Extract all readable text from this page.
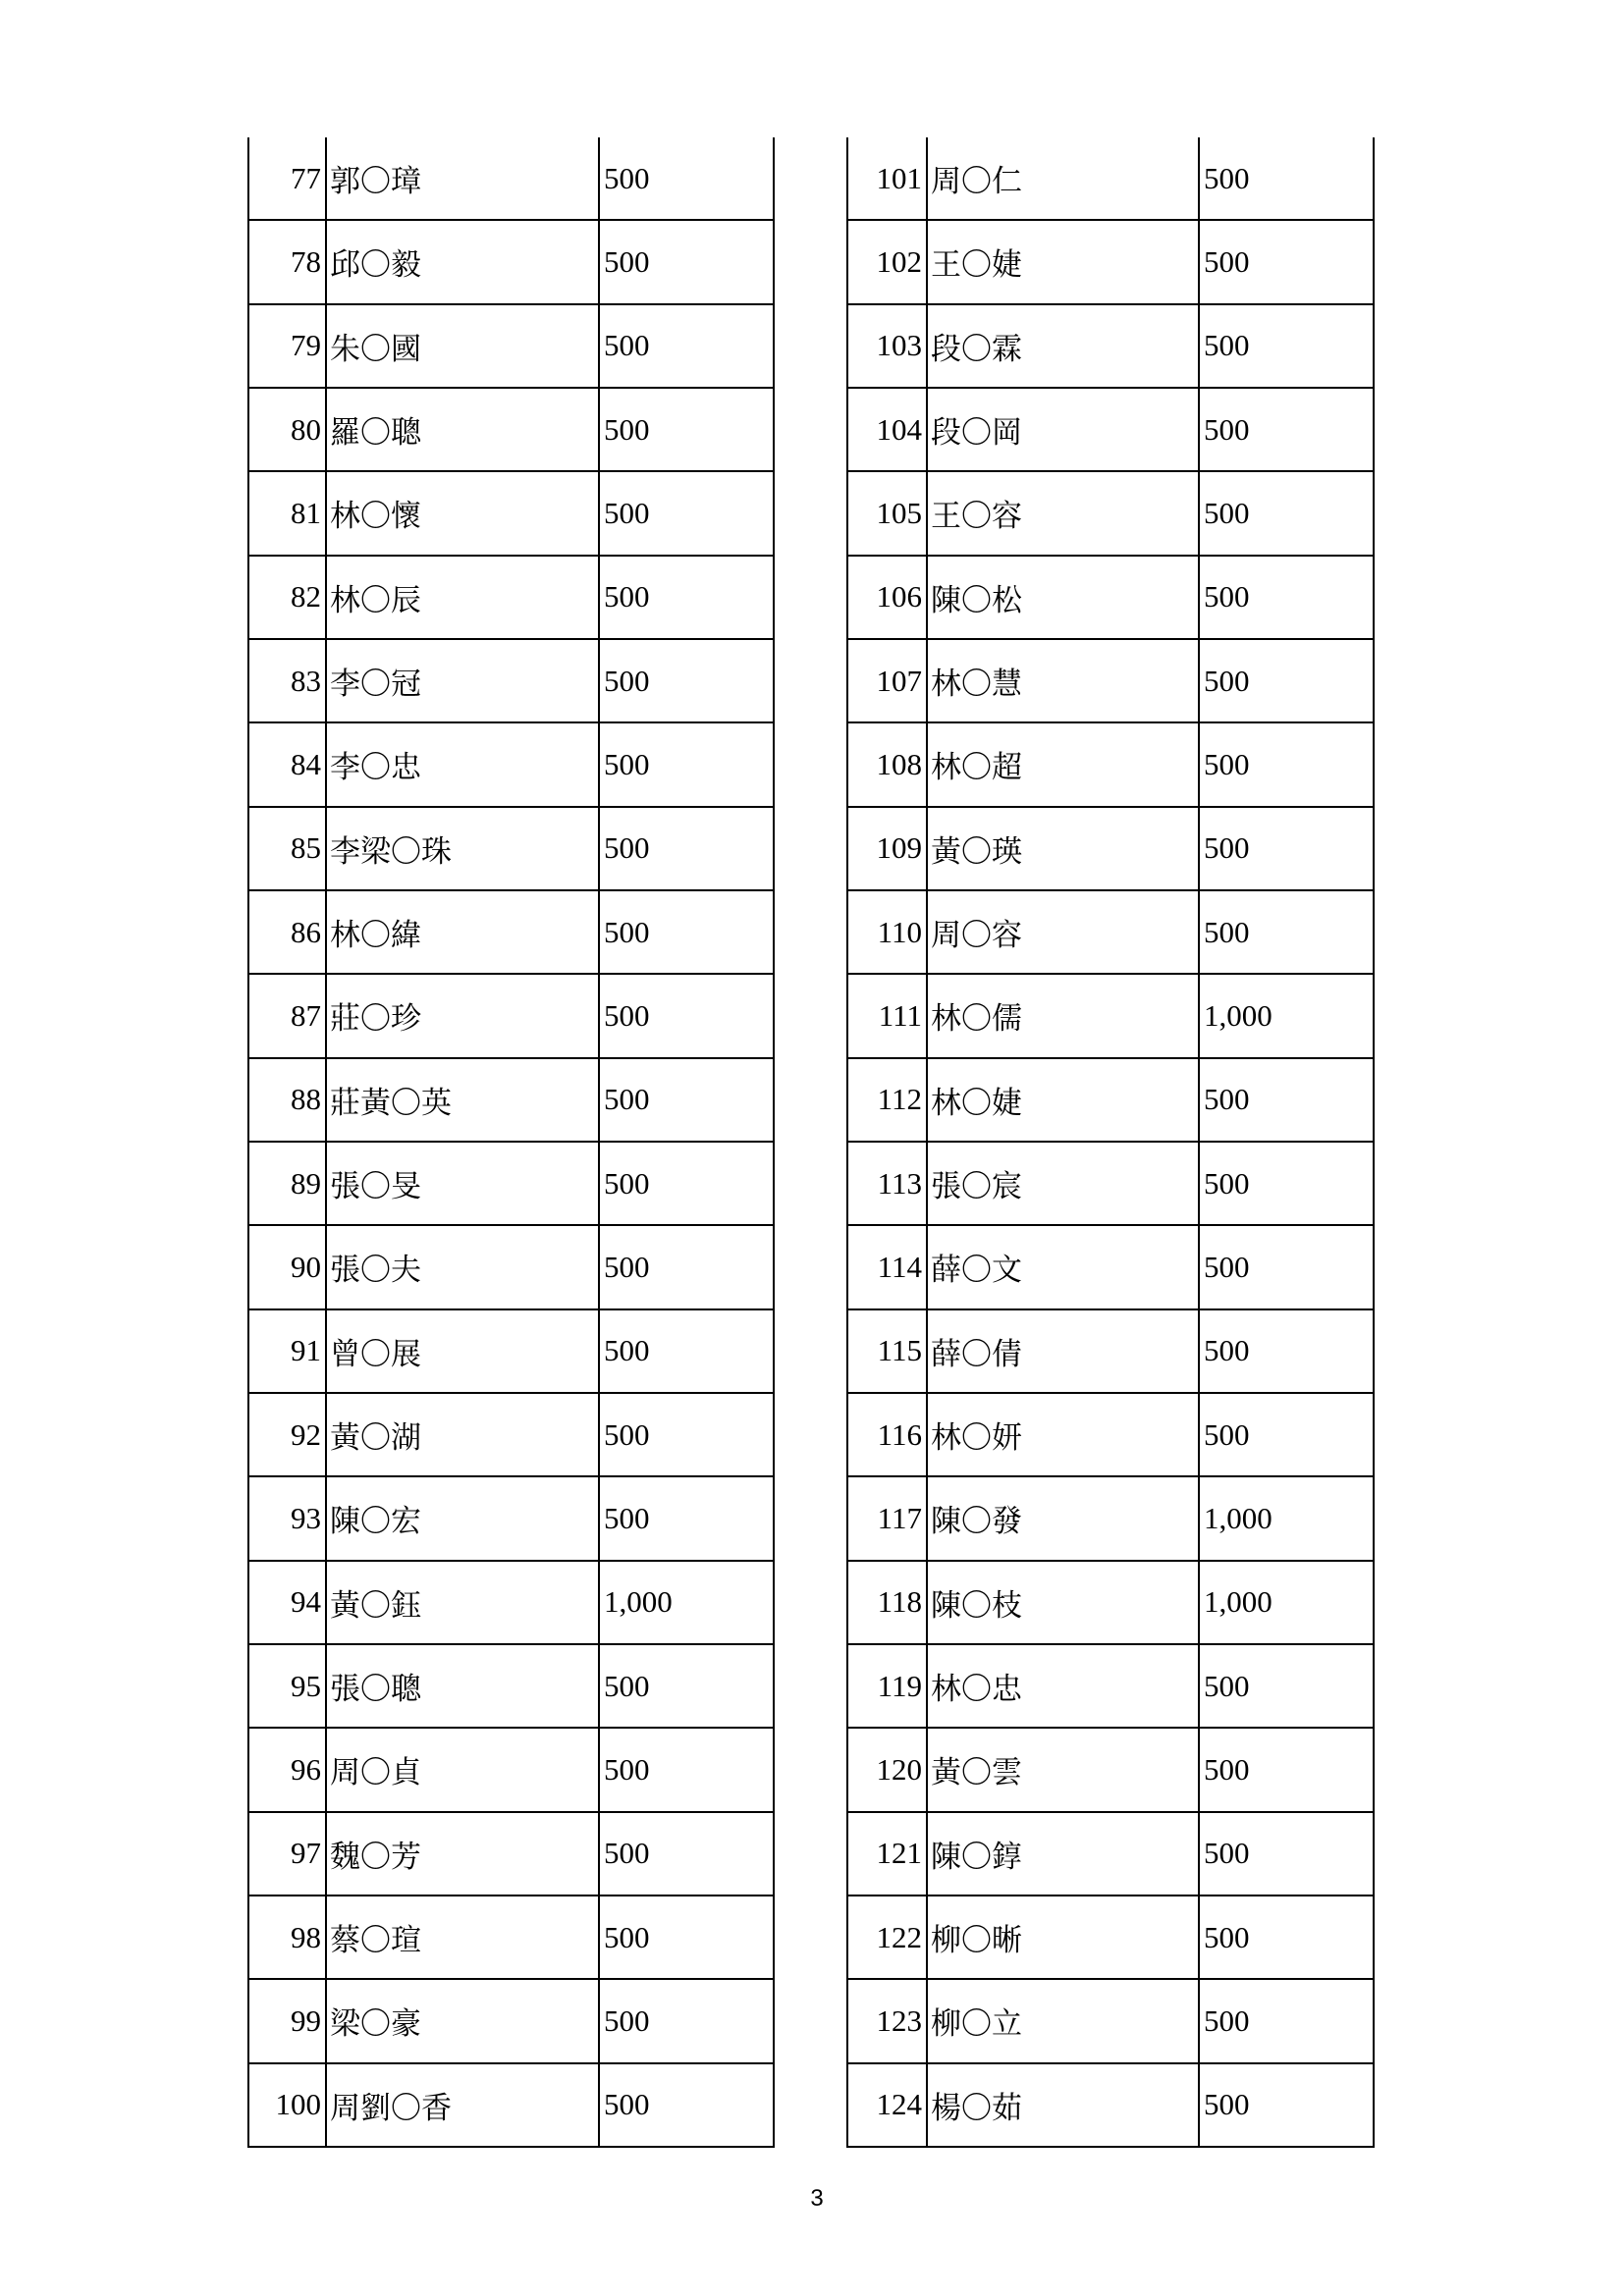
77 郭〇璋	500
78 邱〇毅	500
79 朱〇國	500
80 羅〇聰	500
81 林〇懷	500
82 林〇辰	500
83 李〇冠	500
84 李〇忠	500
85 李梁〇珠	500
86 林〇緯	500
87 莊〇珍	500
88 莊黃〇英	500
89 張〇旻	500
90 張〇夫	500
91 曾〇展	500
92 黃〇湖	500
93 陳〇宏	500
94 黃〇鈺	1,000
95 張〇聰	500
96 周〇貞	500
97 魏〇芳	500
98 蔡〇瑄	500
99 梁〇豪	500
100 周劉〇香	500
101 周〇仁	500
102 王〇婕	500
103 段〇霖	500
104 段〇岡	500
105 王〇容	500
106 陳〇松	500
107 林〇慧	500
108 林〇超	500
109 黃〇瑛	500
110 周〇容	500
111 林〇儒	1,000
112 林〇婕	500
113 張〇宸	500
114 薛〇文	500
115 薛〇倩	500
116 林〇妍	500
117 陳〇發	1,000
118 陳〇枝	1,000
119 林〇忠	500
120 黃〇雲	500
121 陳〇錞	500
122 柳〇晰	500
123 柳〇立	500
124 楊〇茹	500
3
